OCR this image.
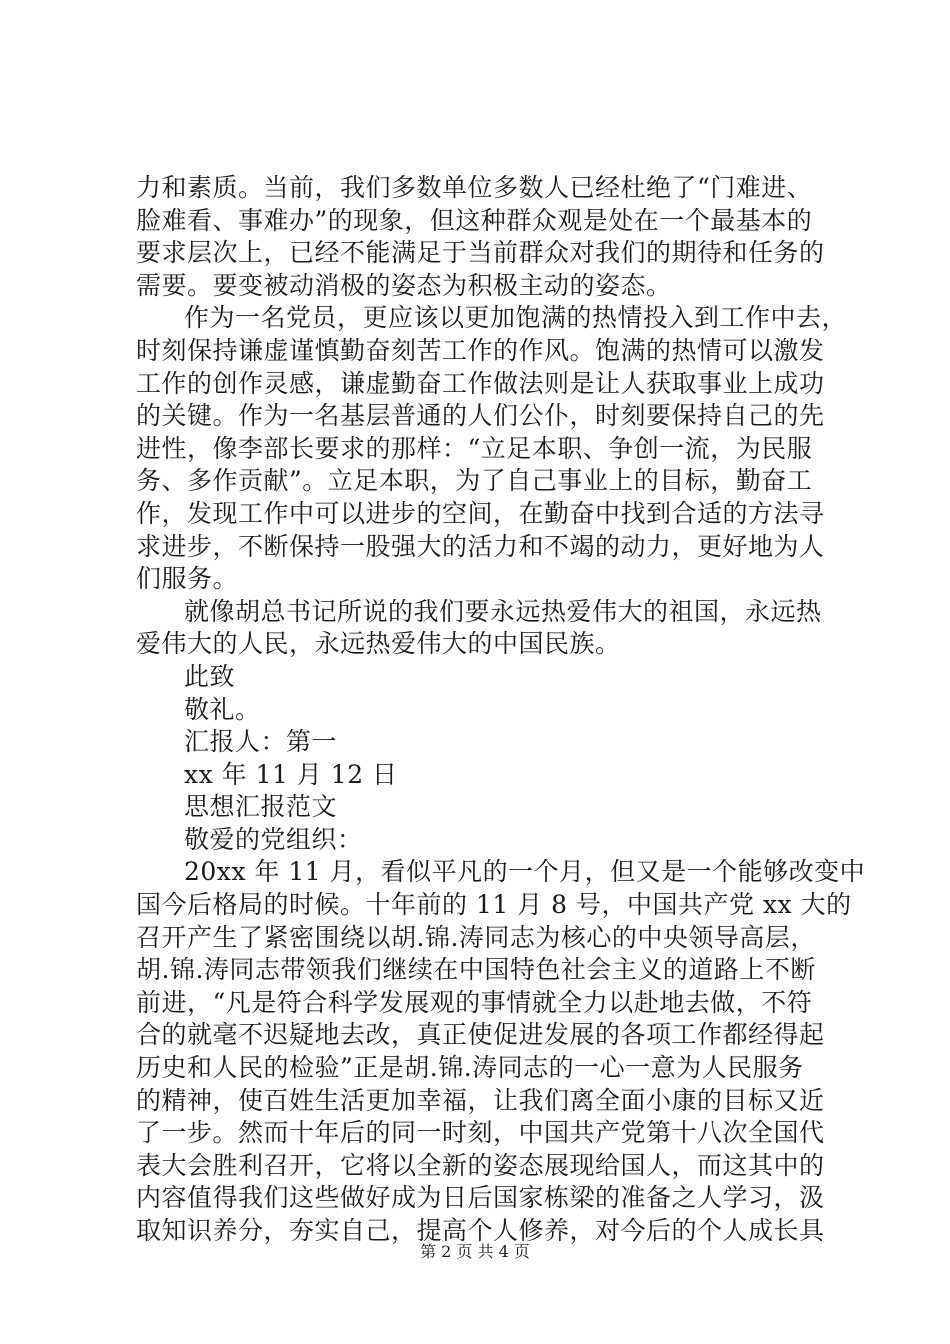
力和素质。当前，我们多数单位多数人已经杜绝了“门难进、
脸难看、事难办”的现象，但这种群众观是处在一个最基本的
要求层次上，已经不能满足于当前群众对我们的期待和任务的
需要。要变被动消极的姿态为积极主动的姿态。
作为一名党员，更应该以更加饱满的热情投入到工作中去，
时刻保持谦虚谨慎勤奋刻苦工作的作风。饱满的热情可以激发
工作的创作灵感，谦虚勤奋工作做法则是让人获取事业上成功
的关键。作为一名基层普通的人们公仆，时刻要保持自己的先
进性，像李部长要求的那样：“立足本职、争创一流，为民服
务、多作贡献”。立足本职，为了自己事业上的目标，勤奋工
作，发现工作中可以进步的空间，在勤奋中找到合适的方法寻
求进步，不断保持一股强大的活力和不竭的动力，更好地为人
们服务。
就像胡总书记所说的我们要永远热爱伟大的祖国，永远热
爱伟大的人民，永远热爱伟大的中国民族。
此致
敬礼。
汇报人：第一
xx 年 11 月 12 日
思想汇报范文
敬爱的党组织：
20xx 年 11 月，看似平凡的一个月，但又是一个能够改变中
国今后格局的时候。十年前的 11 月 8 号，中国共产党 xx 大的
召开产生了紧密围绕以胡.锦.涛同志为核心的中央领导高层，
胡.锦.涛同志带领我们继续在中国特色社会主义的道路上不断
前进，“凡是符合科学发展观的事情就全力以赴地去做，不符
合的就毫不迟疑地去改，真正使促进发展的各项工作都经得起
历史和人民的检验”正是胡.锦.涛同志的一心一意为人民服务
的精神，使百姓生活更加幸福，让我们离全面小康的目标又近
了一步。然而十年后的同一时刻，中国共产党第十八次全国代
表大会胜利召开，它将以全新的姿态展现给国人，而这其中的
内容值得我们这些做好成为日后国家栋梁的准备之人学习，汲
取知识养分，夯实自己，提高个人修养，对今后的个人成长具
第 2 页 共 4 页
